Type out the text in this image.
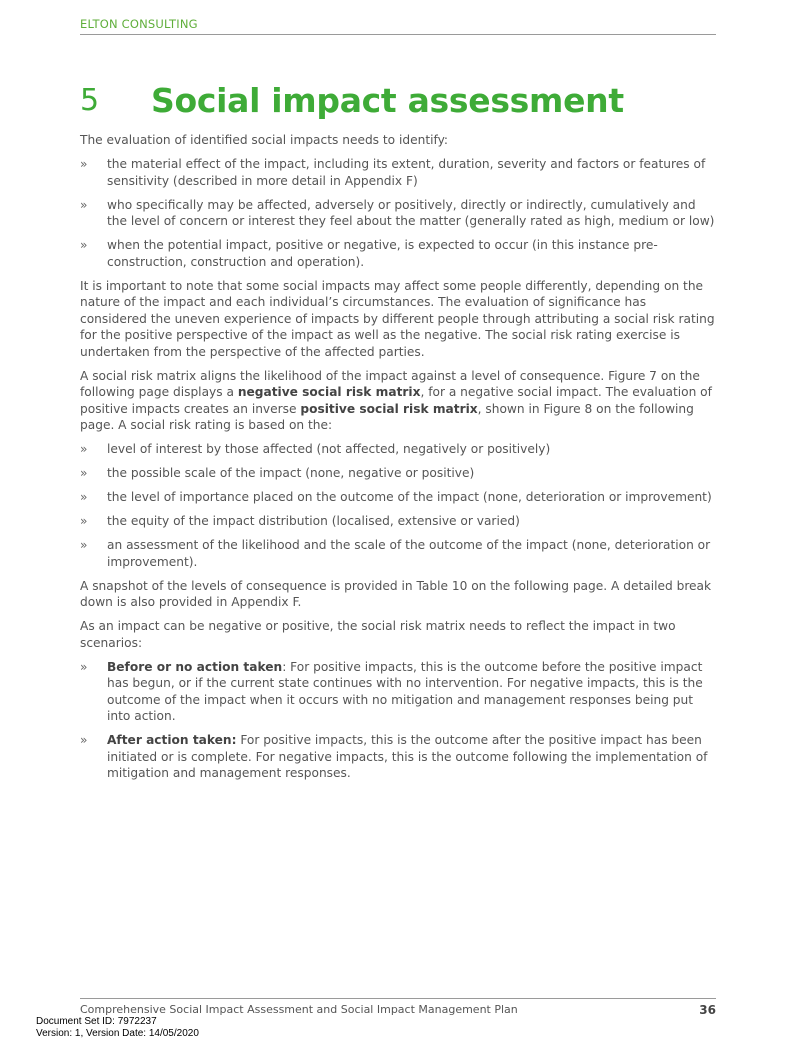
ELTON CONSULTING
5	Social impact assessment

The evaluation of identified social impacts needs to identify:

» the material effect of the impact, including its extent, duration, severity and factors or features of sensitivity (described in more detail in Appendix F)
» who specifically may be affected, adversely or positively, directly or indirectly, cumulatively and the level of concern or interest they feel about the matter (generally rated as high, medium or low)
» when the potential impact, positive or negative, is expected to occur (in this instance pre-construction, construction and operation).

It is important to note that some social impacts may affect some people differently, depending on the nature of the impact and each individual’s circumstances. The evaluation of significance has considered the uneven experience of impacts by different people through attributing a social risk rating for the positive perspective of the impact as well as the negative. The social risk rating exercise is undertaken from the perspective of the affected parties.

A social risk matrix aligns the likelihood of the impact against a level of consequence. Figure 7 on the following page displays a negative social risk matrix, for a negative social impact. The evaluation of positive impacts creates an inverse positive social risk matrix, shown in Figure 8 on the following page. A social risk rating is based on the:

» level of interest by those affected (not affected, negatively or positively)
» the possible scale of the impact (none, negative or positive)
» the level of importance placed on the outcome of the impact (none, deterioration or improvement)
» the equity of the impact distribution (localised, extensive or varied)
» an assessment of the likelihood and the scale of the outcome of the impact (none, deterioration or improvement).

A snapshot of the levels of consequence is provided in Table 10 on the following page. A detailed break down is also provided in Appendix F.

As an impact can be negative or positive, the social risk matrix needs to reflect the impact in two scenarios:

» Before or no action taken: For positive impacts, this is the outcome before the positive impact has begun, or if the current state continues with no intervention. For negative impacts, this is the outcome of the impact when it occurs with no mitigation and management responses being put into action.
» After action taken: For positive impacts, this is the outcome after the positive impact has been initiated or is complete. For negative impacts, this is the outcome following the implementation of mitigation and management responses.
Comprehensive Social Impact Assessment and Social Impact Management Plan	36
Document Set ID: 7972237
Version: 1, Version Date: 14/05/2020
